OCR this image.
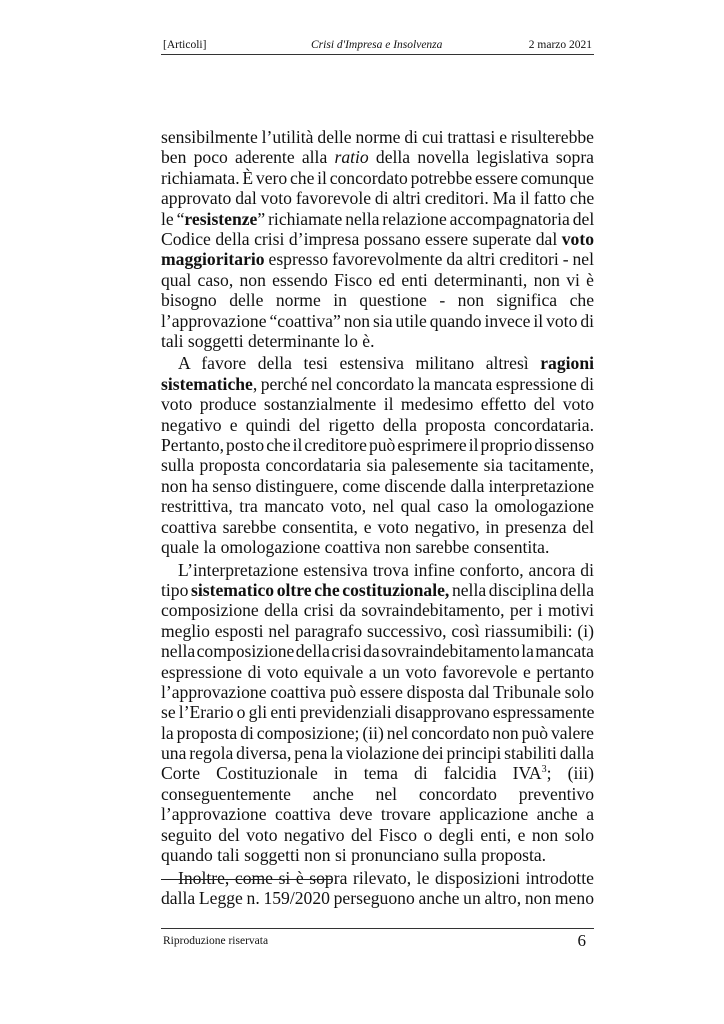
[Articoli]	Crisi d'Impresa e Insolvenza	2 marzo 2021
sensibilmente l’utilità delle norme di cui trattasi e risulterebbe
ben poco aderente alla ratio della novella legislativa sopra
richiamata. È vero che il concordato potrebbe essere comunque
approvato dal voto favorevole di altri creditori. Ma il fatto che
le “resistenze” richiamate nella relazione accompagnatoria del
Codice della crisi d’impresa possano essere superate dal voto
maggioritario espresso favorevolmente da altri creditori - nel
qual caso, non essendo Fisco ed enti determinanti, non vi è
bisogno delle norme in questione - non significa che
l’approvazione “coattiva” non sia utile quando invece il voto di
tali soggetti determinante lo è.
A favore della tesi estensiva militano altresì ragioni
sistematiche, perché nel concordato la mancata espressione di
voto produce sostanzialmente il medesimo effetto del voto
negativo e quindi del rigetto della proposta concordataria.
Pertanto, posto che il creditore può esprimere il proprio dissenso
sulla proposta concordataria sia palesemente sia tacitamente,
non ha senso distinguere, come discende dalla interpretazione
restrittiva, tra mancato voto, nel qual caso la omologazione
coattiva sarebbe consentita, e voto negativo, in presenza del
quale la omologazione coattiva non sarebbe consentita.
L’interpretazione estensiva trova infine conforto, ancora di
tipo sistematico oltre che costituzionale, nella disciplina della
composizione della crisi da sovraindebitamento, per i motivi
meglio esposti nel paragrafo successivo, così riassumibili: (i)
nella composizione della crisi da sovraindebitamento la mancata
espressione di voto equivale a un voto favorevole e pertanto
l’approvazione coattiva può essere disposta dal Tribunale solo
se l’Erario o gli enti previdenziali disapprovano espressamente
la proposta di composizione; (ii) nel concordato non può valere
una regola diversa, pena la violazione dei principi stabiliti dalla
Corte Costituzionale in tema di falcidia IVA$^3$; (iii)
conseguentemente anche nel concordato preventivo
l’approvazione coattiva deve trovare applicazione anche a
seguito del voto negativo del Fisco o degli enti, e non solo
quando tali soggetti non si pronunciano sulla proposta.
Inoltre, come si è sopra rilevato, le disposizioni introdotte
dalla Legge n. 159/2020 perseguono anche un altro, non meno
Riproduzione riservata	6
